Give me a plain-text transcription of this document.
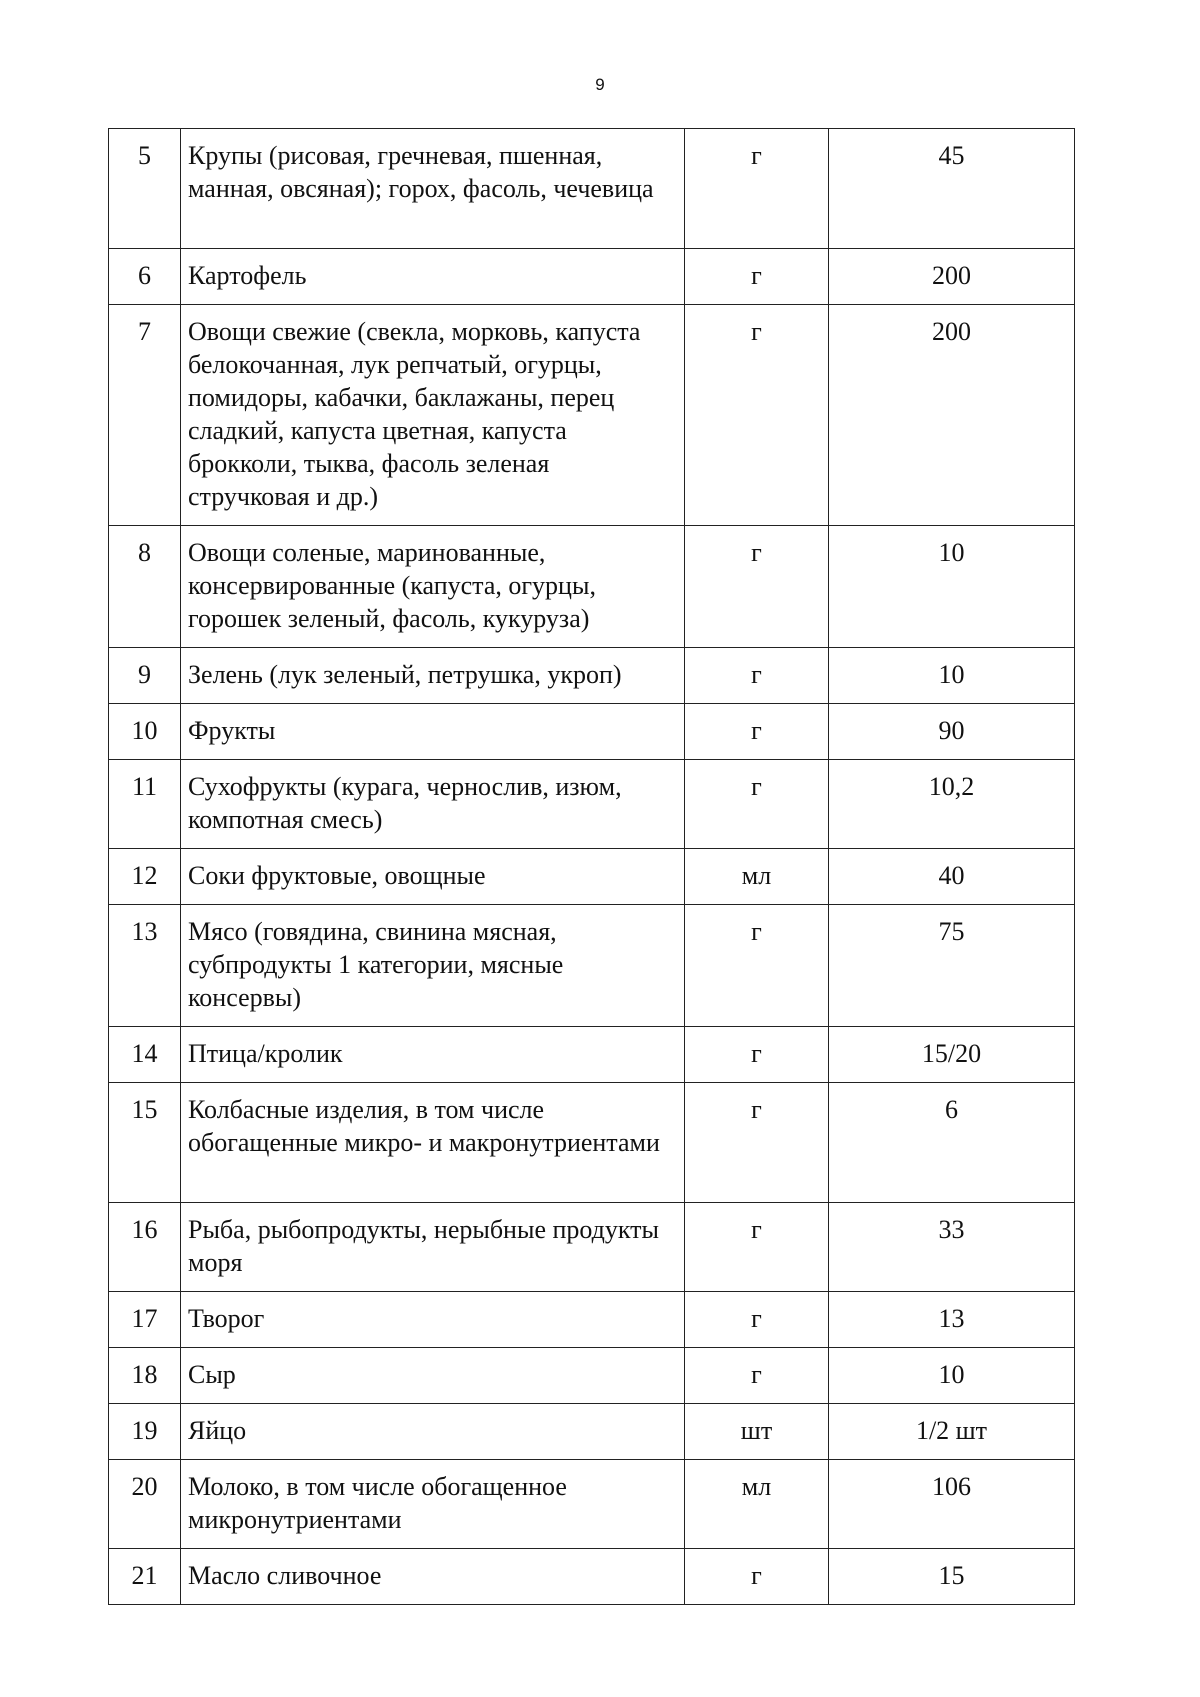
9
5	Крупы (рисовая, гречневая, пшенная, манная, овсяная); горох, фасоль, чечевица	г	45
6	Картофель	г	200
7	Овощи свежие (свекла, морковь, капуста белокочанная, лук репчатый, огурцы, помидоры, кабачки, баклажаны, перец сладкий, капуста цветная, капуста брокколи, тыква, фасоль зеленая стручковая и др.)	г	200
8	Овощи соленые, маринованные, консервированные (капуста, огурцы, горошек зеленый, фасоль, кукуруза)	г	10
9	Зелень (лук зеленый, петрушка, укроп)	г	10
10	Фрукты	г	90
11	Сухофрукты (курага, чернослив, изюм, компотная смесь)	г	10,2
12	Соки фруктовые, овощные	мл	40
13	Мясо (говядина, свинина мясная, субпродукты 1 категории, мясные консервы)	г	75
14	Птица/кролик	г	15/20
15	Колбасные изделия, в том числе обогащенные микро- и макронутриентами	г	6
16	Рыба, рыбопродукты, нерыбные продукты моря	г	33
17	Творог	г	13
18	Сыр	г	10
19	Яйцо	шт	1/2 шт
20	Молоко, в том числе обогащенное микронутриентами	мл	106
21	Масло сливочное	г	15
